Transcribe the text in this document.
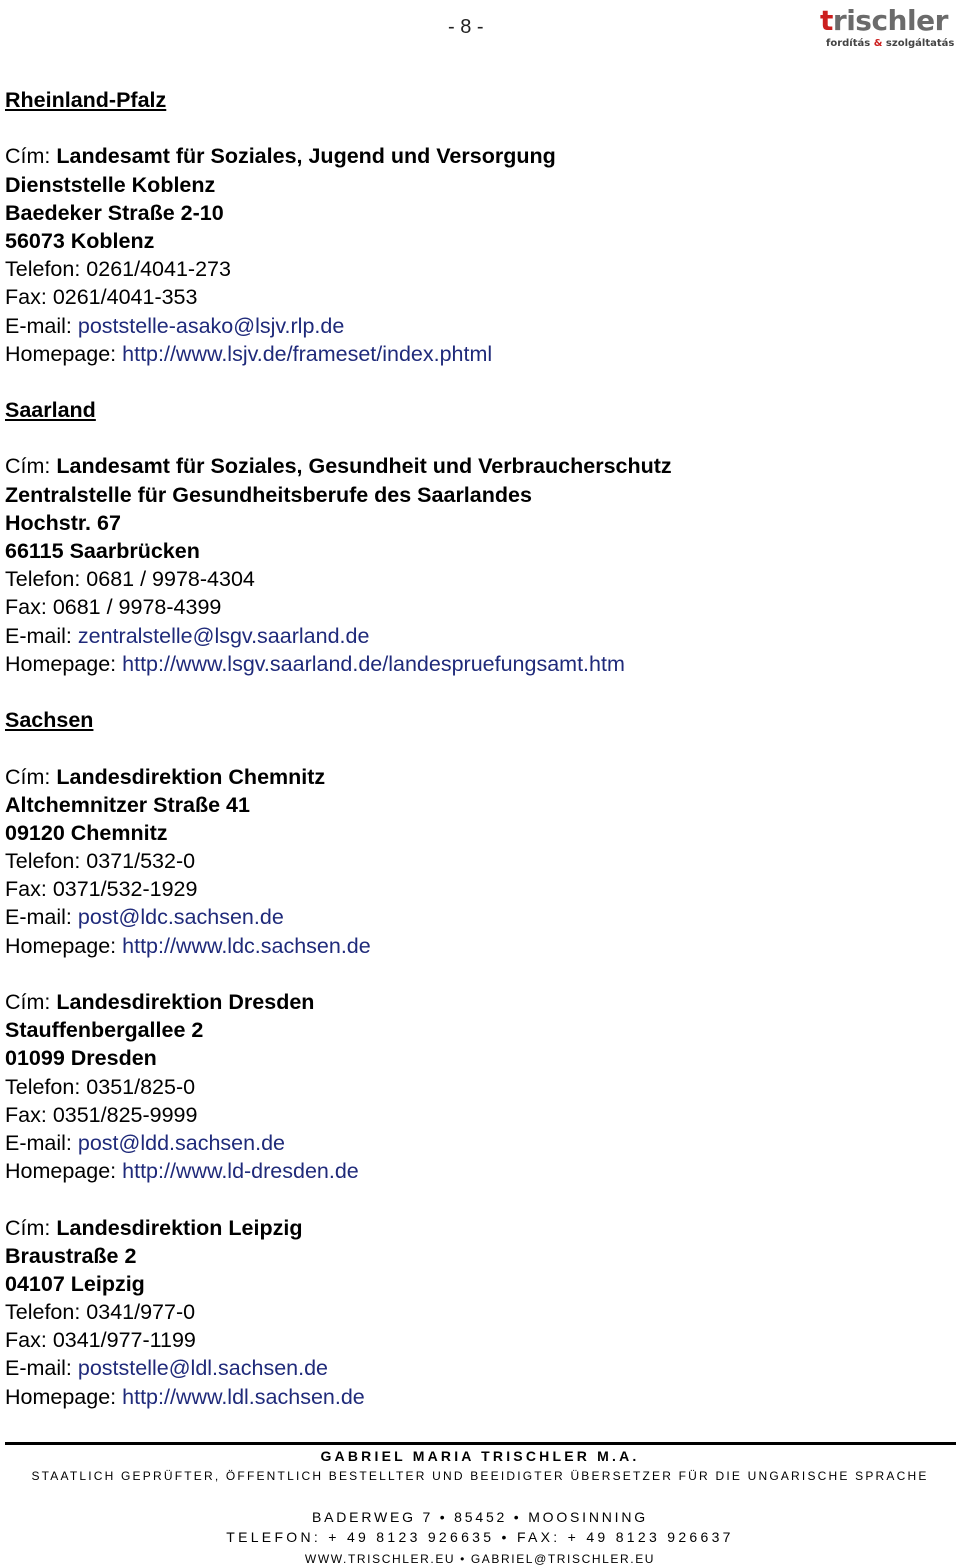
- 8 -	trischler
fordítás & szolgáltatás
Rheinland-Pfalz
Cím: Landesamt für Soziales, Jugend und Versorgung
Dienststelle Koblenz
Baedeker Straße 2-10
56073 Koblenz
Telefon: 0261/4041-273
Fax: 0261/4041-353
E-mail: poststelle-asako@lsjv.rlp.de
Homepage: http://www.lsjv.de/frameset/index.phtml
Saarland
Cím: Landesamt für Soziales, Gesundheit und Verbraucherschutz
Zentralstelle für Gesundheitsberufe des Saarlandes
Hochstr. 67
66115 Saarbrücken
Telefon: 0681 / 9978-4304
Fax: 0681 / 9978-4399
E-mail: zentralstelle@lsgv.saarland.de
Homepage: http://www.lsgv.saarland.de/landespruefungsamt.htm
Sachsen
Cím: Landesdirektion Chemnitz
Altchemnitzer Straße 41
09120 Chemnitz
Telefon: 0371/532-0
Fax: 0371/532-1929
E-mail: post@ldc.sachsen.de
Homepage: http://www.ldc.sachsen.de
Cím: Landesdirektion Dresden
Stauffenbergallee 2
01099 Dresden
Telefon: 0351/825-0
Fax: 0351/825-9999
E-mail: post@ldd.sachsen.de
Homepage: http://www.ld-dresden.de
Cím: Landesdirektion Leipzig
Braustraße 2
04107 Leipzig
Telefon: 0341/977-0
Fax: 0341/977-1199
E-mail: poststelle@ldl.sachsen.de
Homepage: http://www.ldl.sachsen.de
GABRIEL MARIA TRISCHLER M.A.
STAATLICH GEPRÜFTER, ÖFFENTLICH BESTELLTER UND BEEIDIGTER ÜBERSETZER FÜR DIE UNGARISCHE SPRACHE
BADERWEG 7 • 85452 • MOOSINNING
TELEFON: + 49 8123 926635 • FAX: + 49 8123 926637
WWW.TRISCHLER.EU • GABRIEL@TRISCHLER.EU
